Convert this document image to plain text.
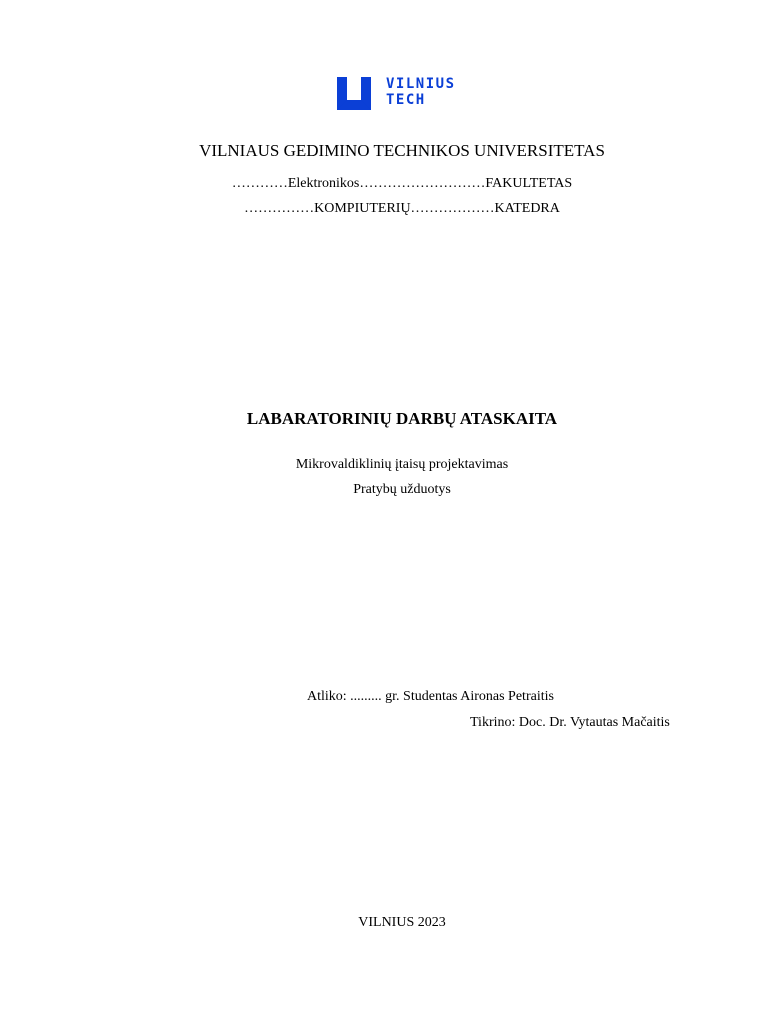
VILNIUS
TECH
VILNIAUS GEDIMINO TECHNIKOS UNIVERSITETAS
…………Elektronikos………………………FAKULTETAS
……………KOMPIUTERIŲ………………KATEDRA
LABARATORINIŲ DARBŲ ATASKAITA
Mikrovaldiklinių įtaisų projektavimas
Pratybų užduotys
Atliko: ......... gr. Studentas Aironas Petraitis
Tikrino: Doc. Dr. Vytautas Mačaitis
VILNIUS 2023
